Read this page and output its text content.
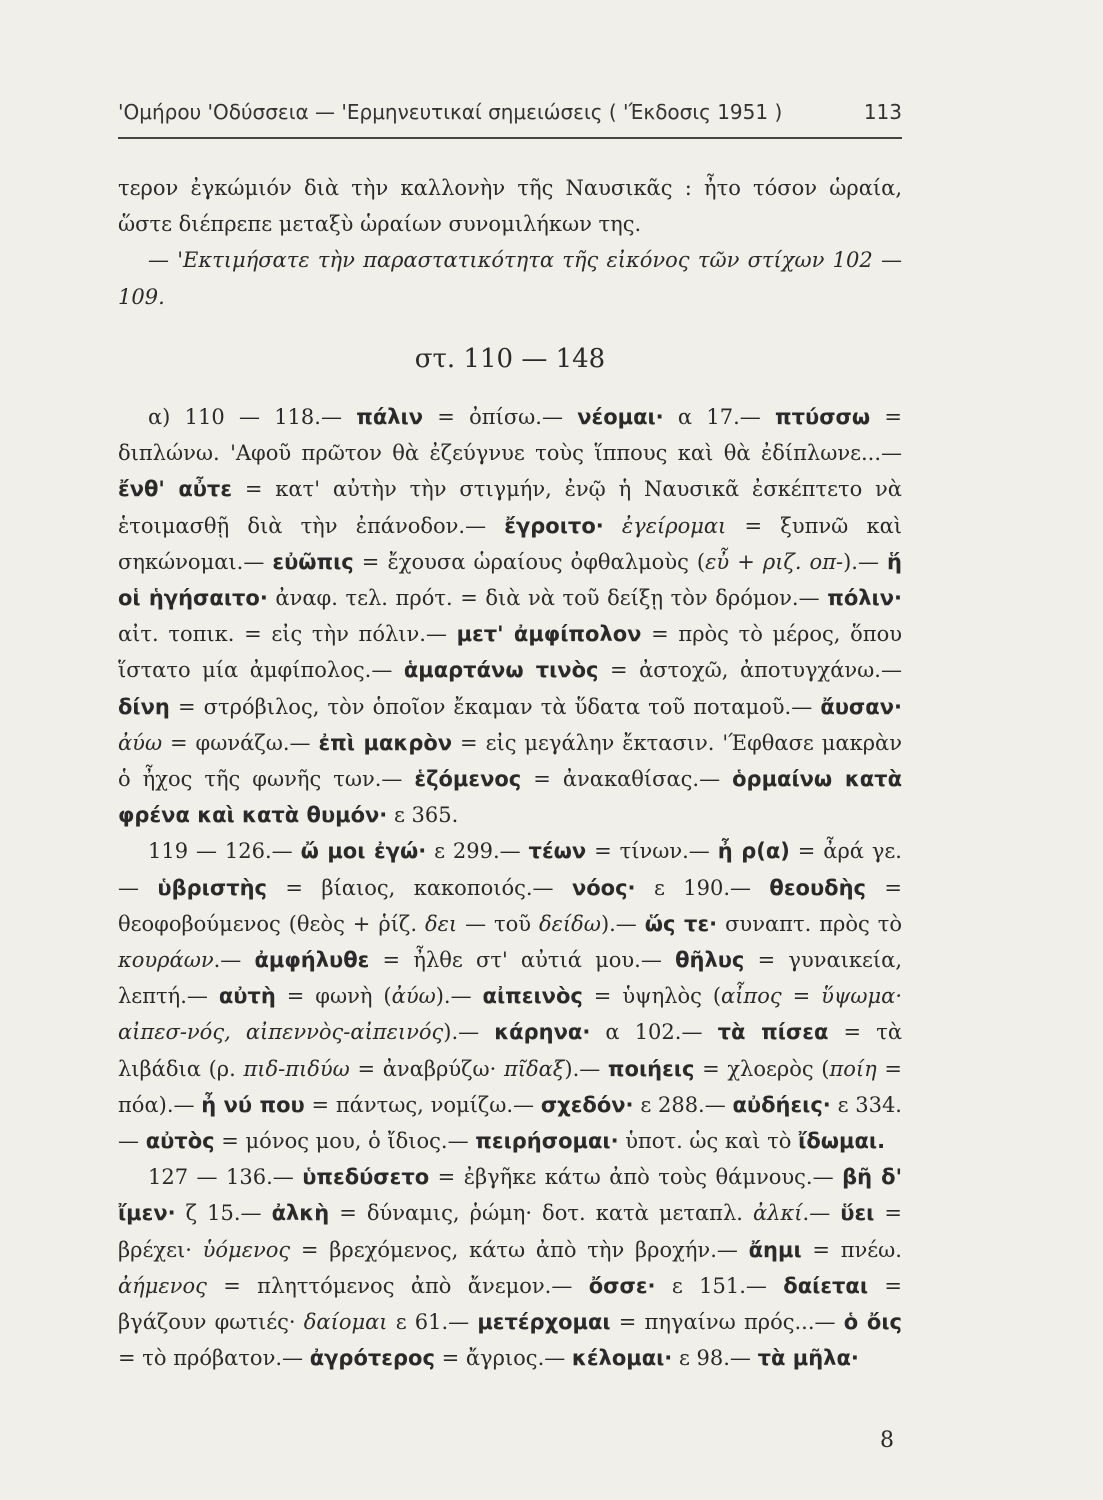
'Ομήρου 'Οδύσσεια — 'Ερμηνευτικαί σημειώσεις ( 'Έκδοσις 1951 )	113

τερον ἐγκώμιόν διὰ τὴν καλλονὴν τῆς Ναυσικᾶς : ἦτο τόσον ὡραία, ὥστε διέπρεπε μεταξὺ ὡραίων συνομιλήκων της.

— 'Εκτιμήσατε τὴν παραστατικότητα τῆς εἰκόνος τῶν στίχων 102 — 109.

στ. 110 — 148

α) 110 — 118.— πάλιν = ὀπίσω.— νέομαι· α 17.— πτύσσω = διπλώνω. 'Αφοῦ πρῶτον θὰ ἐζεύγνυε τοὺς ἵππους καὶ θὰ ἐδίπλωνε...— ἔνθ' αὖτε = κατ' αὐτὴν τὴν στιγμήν, ἐνῷ ἡ Ναυσικᾶ ἐσκέπτετο νὰ ἑτοιμασθῇ διὰ τὴν ἐπάνοδον.— ἔγροιτο· ἐγείρομαι = ξυπνῶ καὶ σηκώνομαι.— εὐῶπις = ἔχουσα ὡραίους ὀφθαλμοὺς (εὖ + ριζ. οπ-).— ἥ οἱ ἡγήσαιτο· ἀναφ. τελ. πρότ. = διὰ νὰ τοῦ δείξῃ τὸν δρόμον.— πόλιν· αἰτ. τοπικ. = εἰς τὴν πόλιν.— μετ' ἀμφίπολον = πρὸς τὸ μέρος, ὅπου ἵστατο μία ἀμφίπολος.— ἁμαρτάνω τινὸς = ἀστοχῶ, ἀποτυγχάνω.— δίνη = στρόβιλος, τὸν ὁποῖον ἔκαμαν τὰ ὕδατα τοῦ ποταμοῦ.— ἄυσαν· ἀύω = φωνάζω.— ἐπὶ μακρὸν = εἰς μεγάλην ἔκτασιν. 'Έφθασε μακρὰν ὁ ἦχος τῆς φωνῆς των.— ἑζόμενος = ἀνακαθίσας.— ὁρμαίνω κατὰ φρένα καὶ κατὰ θυμόν· ε 365.

119 — 126.— ὤ μοι ἐγώ· ε 299.— τέων = τίνων.— ἦ ρ(α) = ἆρά γε.— ὑβριστὴς = βίαιος, κακοποιός.— νόος· ε 190.— θεουδὴς = θεοφοβούμενος (θεὸς + ῥίζ. δει — τοῦ δείδω).— ὥς τε· συναπτ. πρὸς τὸ κουράων.— ἀμφήλυθε = ἦλθε στ' αὐτιά μου.— θῆλυς = γυναικεία, λεπτή.— αὐτὴ = φωνὴ (ἀύω).— αἰπεινὸς = ὑψηλὸς (αἶπος = ὕψωμα· αἰπεσ-νός, αἰπεννὸς-αἰπεινός).— κάρηνα· α 102.— τὰ πίσεα = τὰ λιβάδια (ρ. πιδ-πιδύω = ἀναβρύζω· πῖδαξ).— ποιήεις = χλοερὸς (ποίη = πόα).— ἦ νύ που = πάντως, νομίζω.— σχεδόν· ε 288.— αὐδήεις· ε 334.— αὐτὸς = μόνος μου, ὁ ἴδιος.— πειρήσομαι· ὑποτ. ὡς καὶ τὸ ἴδωμαι.

127 — 136.— ὑπεδύσετο = ἐβγῆκε κάτω ἀπὸ τοὺς θάμνους.— βῆ δ' ἴμεν· ζ 15.— ἀλκὴ = δύναμις, ῥώμη· δοτ. κατὰ μεταπλ. ἀλκί.— ὕει = βρέχει· ὑόμενος = βρεχόμενος, κάτω ἀπὸ τὴν βροχήν.— ἄημι = πνέω. ἀήμενος = πληττόμενος ἀπὸ ἄνεμον.— ὄσσε· ε 151.— δαίεται = βγάζουν φωτιές· δαίομαι ε 61.— μετέρχομαι = πηγαίνω πρός...— ὁ ὄις = τὸ πρόβατον.— ἀγρότερος = ἄγριος.— κέλομαι· ε 98.— τὰ μῆλα·

8
